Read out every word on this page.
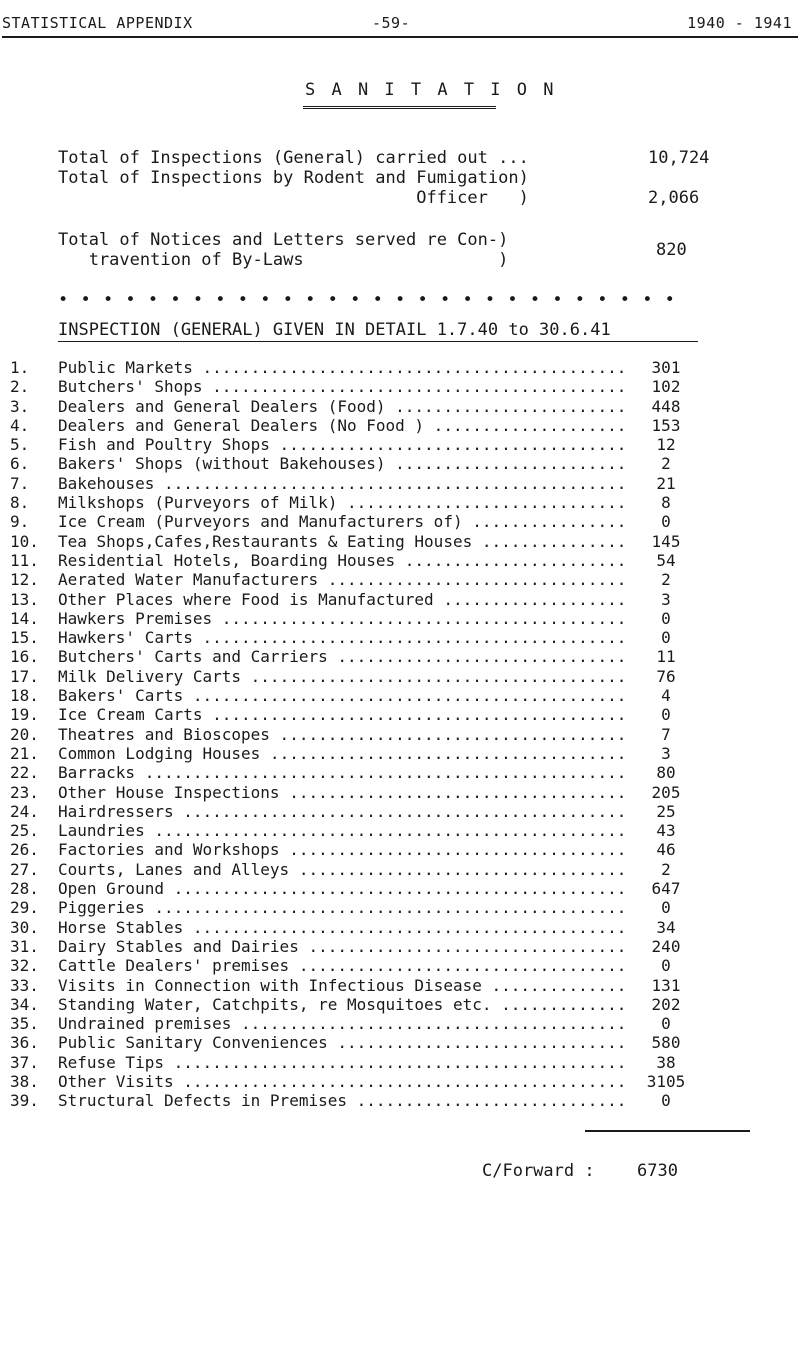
STATISTICAL APPENDIX	-59-	1940 - 1941
S A N I T A T I O N
Total of Inspections (General) carried out ...	10,724
Total of Inspections by Rodent and Fumigation)
Officer   )	2,066
Total of Notices and Letters served re Con-)
travention of By-Laws                   )	820
• • • • • • • • • • • • • • • • • • • • • • • • • • • •
INSPECTION (GENERAL) GIVEN IN DETAIL 1.7.40 to 30.6.41
1.	Public Markets .....	301
2.	Butchers' Shops .....	102
3.	Dealers and General Dealers (Food) .....	448
4.	Dealers and General Dealers (No Food ) .....	153
5.	Fish and Poultry Shops .....	12
6.	Bakers' Shops (without Bakehouses) .....	2
7.	Bakehouses .....	21
8.	Milkshops (Purveyors of Milk) .....	8
9.	Ice Cream (Purveyors and Manufacturers of) .....	0
10.	Tea Shops,Cafes,Restaurants & Eating Houses .....	145
11.	Residential Hotels, Boarding Houses .....	54
12.	Aerated Water Manufacturers .....	2
13.	Other Places where Food is Manufactured .....	3
14.	Hawkers Premises .....	0
15.	Hawkers' Carts .....	0
16.	Butchers' Carts and Carriers .....	11
17.	Milk Delivery Carts .....	76
18.	Bakers' Carts .....	4
19.	Ice Cream Carts .....	0
20.	Theatres and Bioscopes .....	7
21.	Common Lodging Houses .....	3
22.	Barracks .....	80
23.	Other House Inspections .....	205
24.	Hairdressers .....	25
25.	Laundries .....	43
26.	Factories and Workshops .....	46
27.	Courts, Lanes and Alleys .....	2
28.	Open Ground .....	647
29.	Piggeries .....	0
30.	Horse Stables .....	34
31.	Dairy Stables and Dairies .....	240
32.	Cattle Dealers' premises .....	0
33.	Visits in Connection with Infectious Disease .....	131
34.	Standing Water, Catchpits, re Mosquitoes etc. .....	202
35.	Undrained premises .....	0
36.	Public Sanitary Conveniences .....	580
37.	Refuse Tips .....	38
38.	Other Visits .....	3105
39.	Structural Defects in Premises .....	0
C/Forward : 6730
